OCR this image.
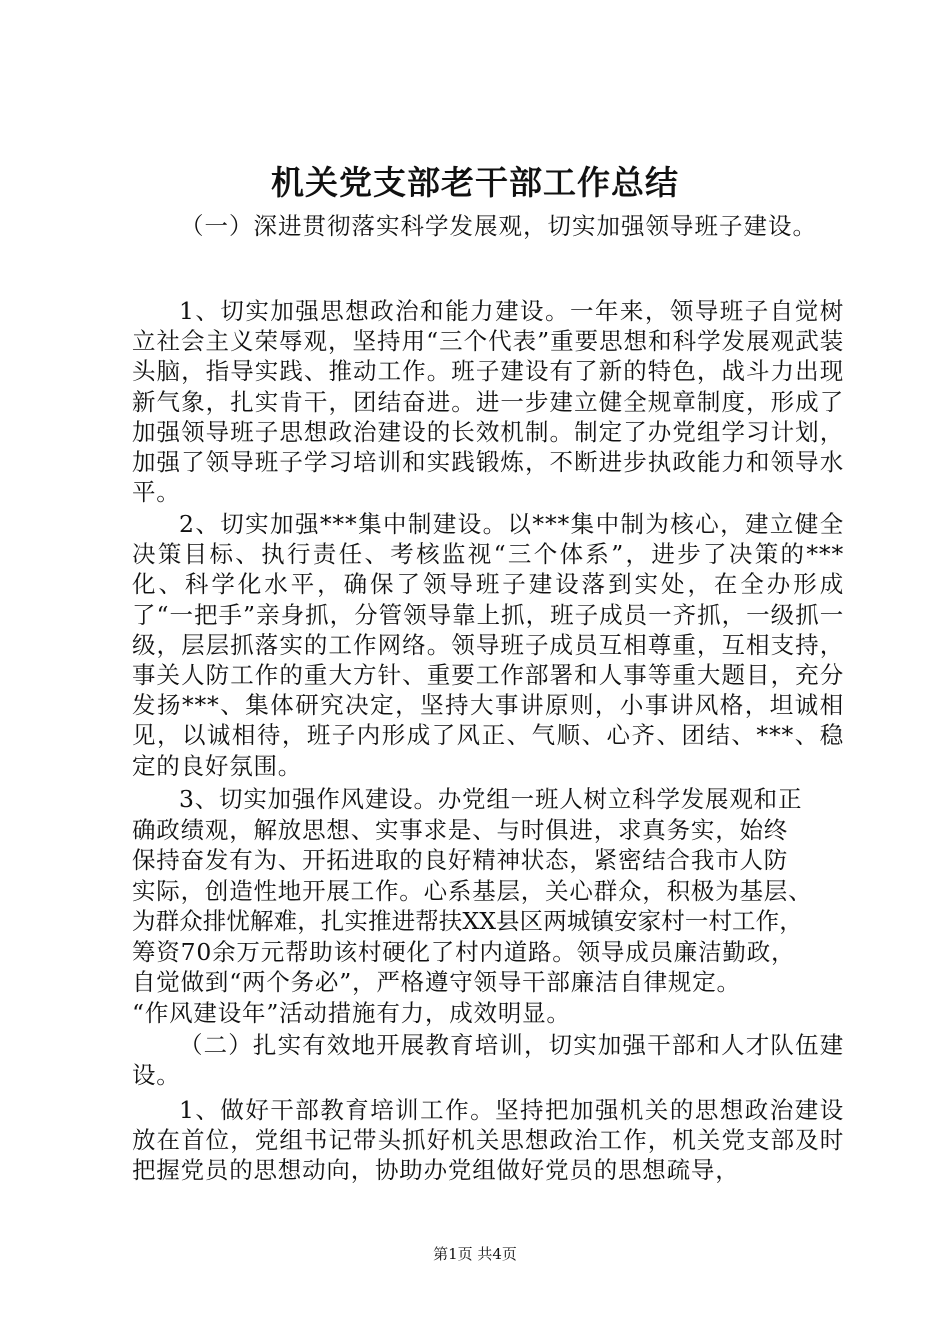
机关党支部老干部工作总结
（一）深进贯彻落实科学发展观，切实加强领导班子建设。

1、切实加强思想政治和能力建设。一年来，领导班子自觉树立社会主义荣辱观，坚持用“三个代表”重要思想和科学发展观武装头脑，指导实践、推动工作。班子建设有了新的特色，战斗力出现新气象，扎实肯干，团结奋进。进一步建立健全规章制度，形成了加强领导班子思想政治建设的长效机制。制定了办党组学习计划，加强了领导班子学习培训和实践锻炼，不断进步执政能力和领导水平。

2、切实加强***集中制建设。以***集中制为核心，建立健全决策目标、执行责任、考核监视“三个体系”，进步了决策的***化、科学化水平，确保了领导班子建设落到实处，在全办形成了“一把手”亲身抓，分管领导靠上抓，班子成员一齐抓，一级抓一级，层层抓落实的工作网络。领导班子成员互相尊重，互相支持，事关人防工作的重大方针、重要工作部署和人事等重大题目，充分发扬***、集体研究决定，坚持大事讲原则，小事讲风格，坦诚相见，以诚相待，班子内形成了风正、气顺、心齐、团结、***、稳定的良好氛围。

3、切实加强作风建设。办党组一班人树立科学发展观和正
确政绩观，解放思想、实事求是、与时俱进，求真务实，始终
保持奋发有为、开拓进取的良好精神状态，紧密结合我市人防
实际，创造性地开展工作。心系基层，关心群众，积极为基层、
为群众排忧解难，扎实推进帮扶XX县区两城镇安家村一村工作，
筹资70余万元帮助该村硬化了村内道路。领导成员廉洁勤政，
自觉做到“两个务必”，严格遵守领导干部廉洁自律规定。
“作风建设年”活动措施有力，成效明显。

（二）扎实有效地开展教育培训，切实加强干部和人才队伍建设。

1、做好干部教育培训工作。坚持把加强机关的思想政治建设放在首位，党组书记带头抓好机关思想政治工作，机关党支部及时把握党员的思想动向，协助办党组做好党员的思想疏导，

第1页 共4页
